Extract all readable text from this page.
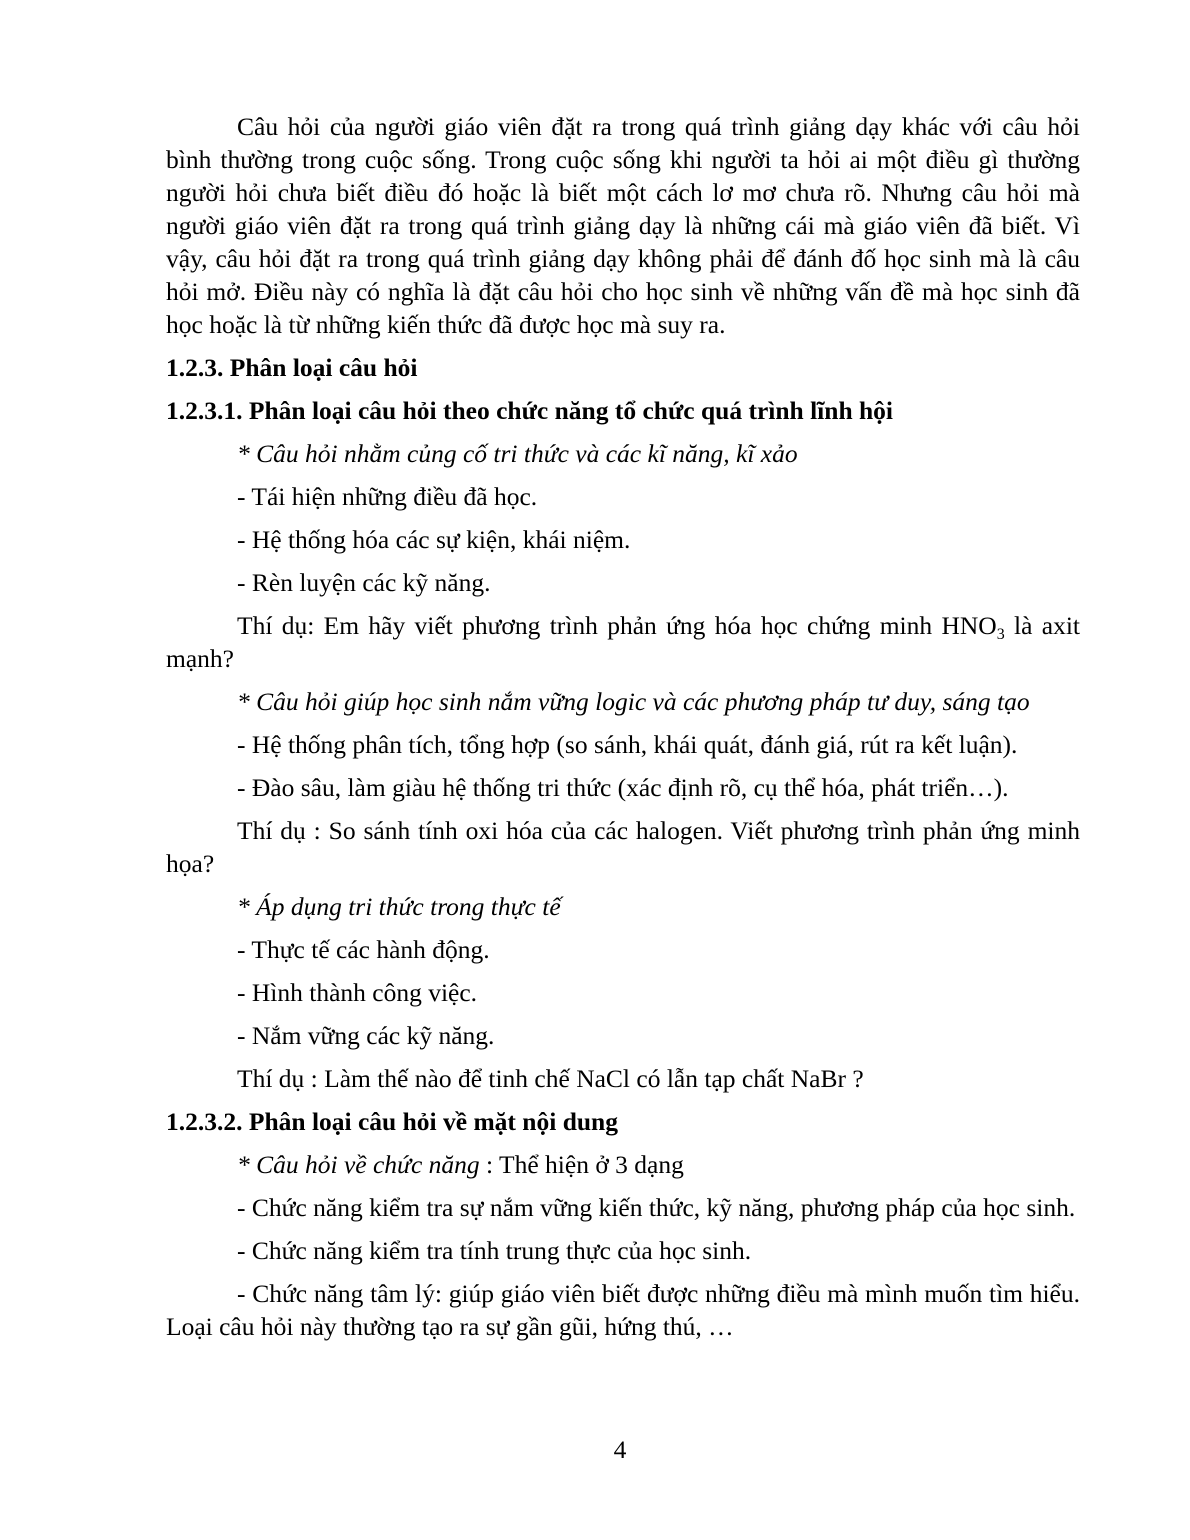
Câu hỏi của người giáo viên đặt ra trong quá trình giảng dạy khác với câu hỏi bình thường trong cuộc sống. Trong cuộc sống khi người ta hỏi ai một điều gì thường người hỏi chưa biết điều đó hoặc là biết một cách lơ mơ chưa rõ. Nhưng câu hỏi mà người giáo viên đặt ra trong quá trình giảng dạy là những cái mà giáo viên đã biết. Vì vậy, câu hỏi đặt ra trong quá trình giảng dạy không phải để đánh đố học sinh mà là câu hỏi mở. Điều này có nghĩa là đặt câu hỏi cho học sinh về những vấn đề mà học sinh đã học hoặc là từ những kiến thức đã được học mà suy ra.

1.2.3. Phân loại câu hỏi

1.2.3.1. Phân loại câu hỏi theo chức năng tổ chức quá trình lĩnh hội

* Câu hỏi nhằm củng cố tri thức và các kĩ năng, kĩ xảo

- Tái hiện những điều đã học.

- Hệ thống hóa các sự kiện, khái niệm.

- Rèn luyện các kỹ năng.

Thí dụ: Em hãy viết phương trình phản ứng hóa học chứng minh $HNO_3$ là axit mạnh?

* Câu hỏi giúp học sinh nắm vững logic và các phương pháp tư duy, sáng tạo

- Hệ thống phân tích, tổng hợp (so sánh, khái quát, đánh giá, rút ra kết luận).

- Đào sâu, làm giàu hệ thống tri thức (xác định rõ, cụ thể hóa, phát triển…).

Thí dụ : So sánh tính oxi hóa của các halogen. Viết phương trình phản ứng minh họa?

* Áp dụng tri thức trong thực tế

- Thực tế các hành động.

- Hình thành công việc.

- Nắm vững các kỹ năng.

Thí dụ : Làm thế nào để tinh chế NaCl có lẫn tạp chất NaBr ?

1.2.3.2. Phân loại câu hỏi về mặt nội dung

* Câu hỏi về chức năng : Thể hiện ở 3 dạng

- Chức năng kiểm tra sự nắm vững kiến thức, kỹ năng, phương pháp của học sinh.

- Chức năng kiểm tra tính trung thực của học sinh.

- Chức năng tâm lý: giúp giáo viên biết được những điều mà mình muốn tìm hiểu. Loại câu hỏi này thường tạo ra sự gần gũi, hứng thú, …

4
